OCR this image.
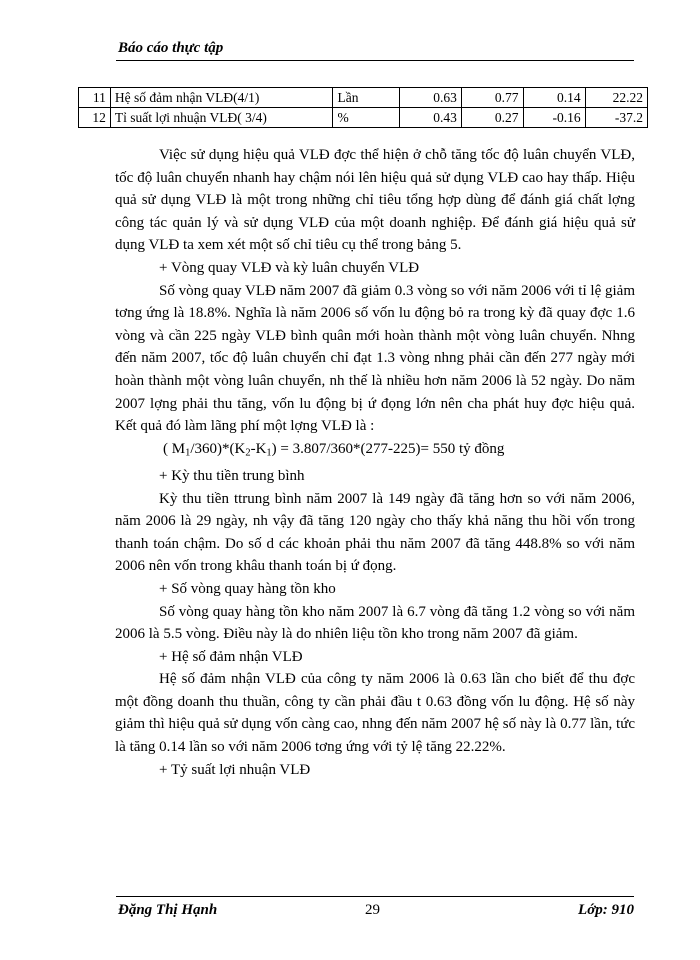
Báo cáo thực tập
11	Hệ số đảm nhận VLĐ(4/1)	Lần	0.63	0.77	0.14	22.22
12	Tỉ suất lợi nhuận VLĐ( 3/4)	%	0.43	0.27	-0.16	-37.2

Việc sử dụng hiệu quả VLĐ đợc thể hiện ở chỗ tăng tốc độ luân chuyển VLĐ, tốc độ luân chuyển nhanh hay chậm nói lên hiệu quả sử dụng VLĐ cao hay thấp. Hiệu quả sử dụng VLĐ là một trong những chỉ tiêu tổng hợp dùng để đánh giá chất lợng công tác quản lý và sử dụng VLĐ của một doanh nghiệp. Để đánh giá hiệu quả sử dụng VLĐ ta xem xét một số chỉ tiêu cụ thể trong bảng 5.

+ Vòng quay VLĐ và kỳ luân chuyển VLĐ

Số vòng quay VLĐ năm 2007 đã giảm 0.3 vòng so với năm 2006 với tỉ lệ giảm tơng ứng là 18.8%. Nghĩa là năm 2006 số vốn lu động bỏ ra trong kỳ đã quay đợc 1.6 vòng và cần 225 ngày VLĐ bình quân mới hoàn thành một vòng luân chuyển. Nhng đến năm 2007, tốc độ luân chuyển chỉ đạt 1.3 vòng nhng phải cần đến 277 ngày mới hoàn thành một vòng luân chuyển, nh thế là nhiều hơn năm 2006 là 52 ngày. Do năm 2007 lợng phải thu tăng, vốn lu động bị ứ đọng lớn nên cha phát huy đợc hiệu quả. Kết quả đó làm lãng phí một lợng VLĐ là :

( $M_1/360)*(K_2-K_1) = 3.807/360*(277-225)= 550$ tỷ đồng

+ Kỳ thu tiền trung bình

Kỳ thu tiền ttrung bình năm 2007 là 149 ngày đã tăng hơn so với năm 2006, năm 2006 là 29 ngày, nh vậy đã tăng 120 ngày cho thấy khả năng thu hồi vốn trong thanh toán chậm. Do số d các khoản phải thu năm 2007 đã tăng 448.8% so với năm 2006 nên vốn trong khâu thanh toán bị ứ đọng.

+ Số vòng quay hàng tồn kho

Số vòng quay hàng tồn kho năm 2007 là 6.7 vòng đã tăng 1.2 vòng so với năm 2006 là 5.5 vòng. Điều này là do nhiên liệu tồn kho trong năm 2007 đã giảm.

+ Hệ số đảm nhận VLĐ

Hệ số đảm nhận VLĐ của công ty năm 2006 là 0.63 lần cho biết để thu đợc một đồng doanh thu thuần, công ty cần phải đầu t 0.63 đồng vốn lu động. Hệ số này giảm thì hiệu quả sử dụng vốn càng cao, nhng đến năm 2007 hệ số này là 0.77 lần, tức là tăng 0.14 lần so với năm 2006 tơng ứng với tỷ lệ tăng 22.22%.

+ Tỷ suất lợi nhuận VLĐ

Đặng Thị Hạnh	29	Lớp: 910
